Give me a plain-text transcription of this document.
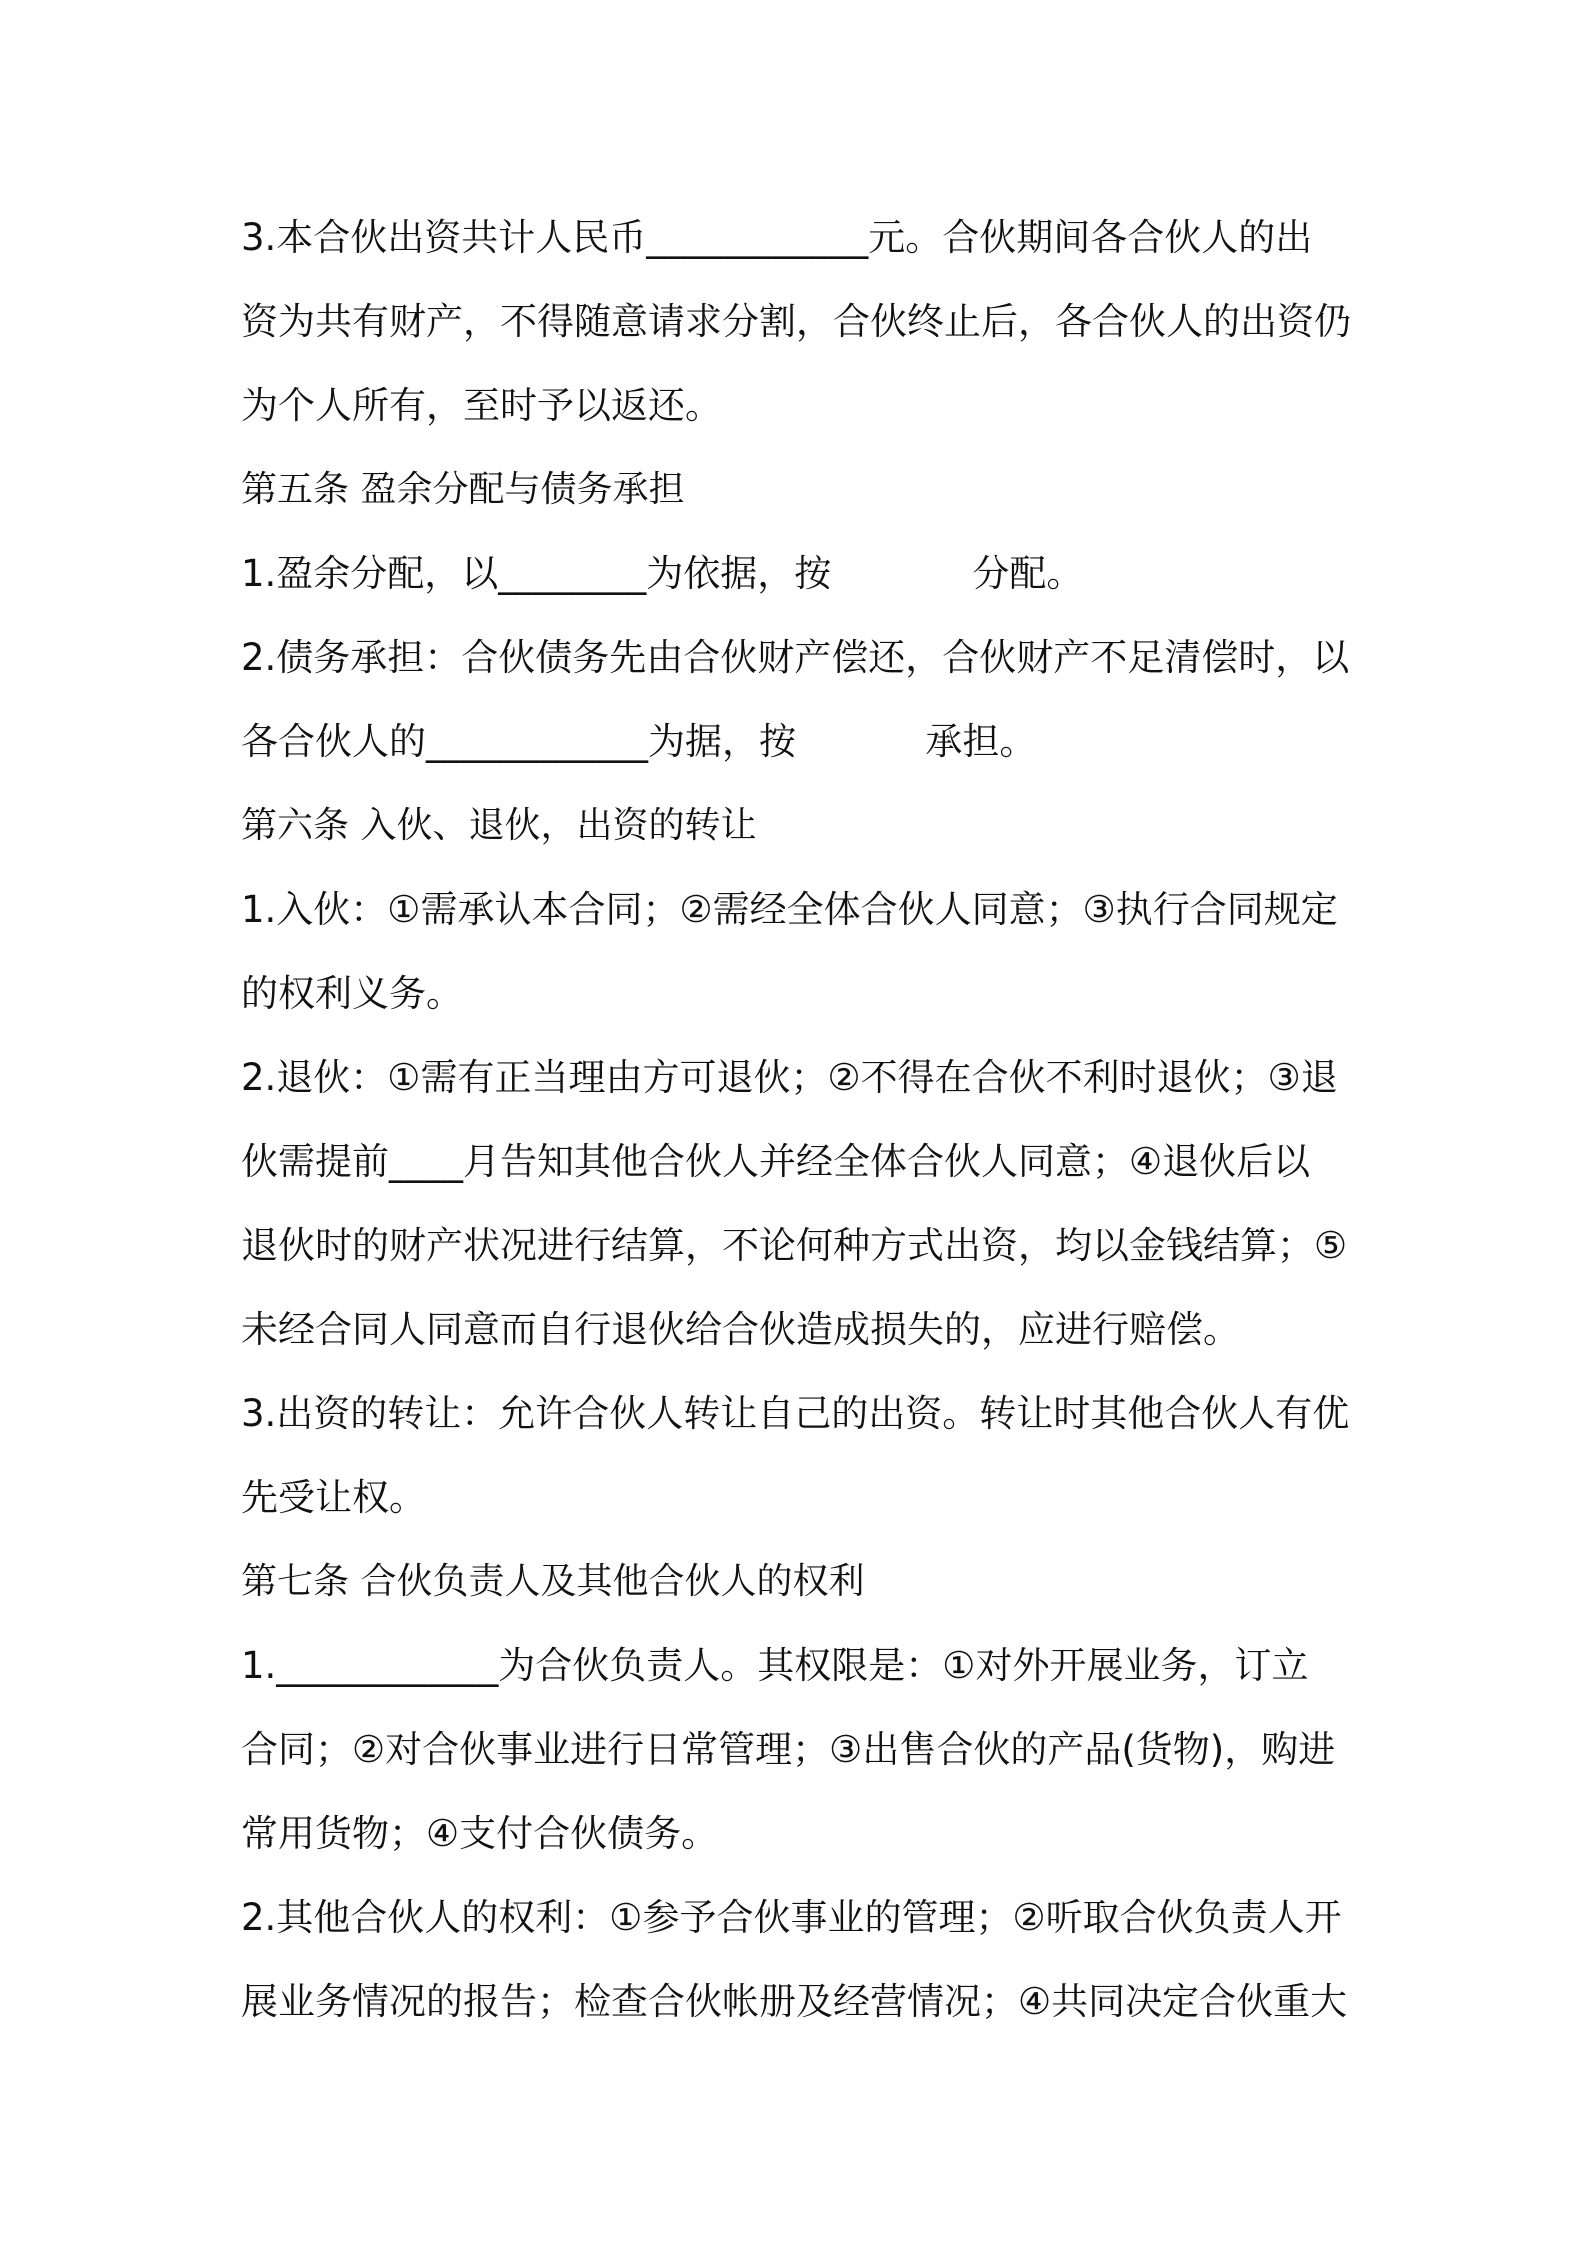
3.本合伙出资共计人民币____________元。合伙期间各合伙人的出
资为共有财产，不得随意请求分割，合伙终止后，各合伙人的出资仍
为个人所有，至时予以返还。
第五条 盈余分配与债务承担
1.盈余分配，以________为依据，按            分配。
2.债务承担：合伙债务先由合伙财产偿还，合伙财产不足清偿时，以
各合伙人的____________为据，按           承担。
第六条 入伙、退伙，出资的转让
1.入伙：①需承认本合同；②需经全体合伙人同意；③执行合同规定
的权利义务。
2.退伙：①需有正当理由方可退伙；②不得在合伙不利时退伙；③退
伙需提前____月告知其他合伙人并经全体合伙人同意；④退伙后以
退伙时的财产状况进行结算，不论何种方式出资，均以金钱结算；⑤
未经合同人同意而自行退伙给合伙造成损失的，应进行赔偿。
3.出资的转让：允许合伙人转让自己的出资。转让时其他合伙人有优
先受让权。
第七条 合伙负责人及其他合伙人的权利
1.____________为合伙负责人。其权限是：①对外开展业务，订立
合同；②对合伙事业进行日常管理；③出售合伙的产品(货物)，购进
常用货物；④支付合伙债务。
2.其他合伙人的权利：①参予合伙事业的管理；②听取合伙负责人开
展业务情况的报告；检查合伙帐册及经营情况；④共同决定合伙重大
